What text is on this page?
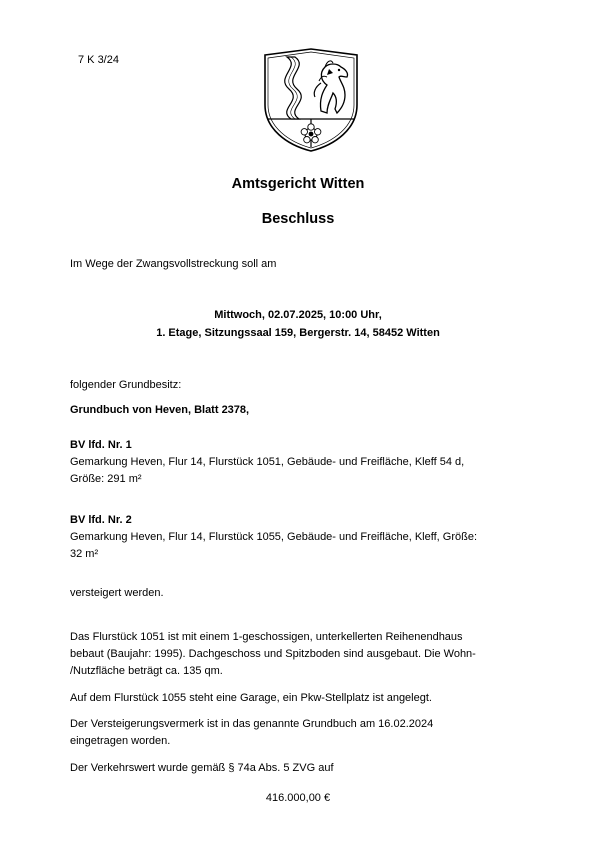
7 K 3/24
Amtsgericht Witten
Beschluss
Im Wege der Zwangsvollstreckung soll am
Mittwoch, 02.07.2025, 10:00 Uhr,
1. Etage, Sitzungssaal 159, Bergerstr. 14, 58452 Witten
folgender Grundbesitz:
Grundbuch von Heven, Blatt 2378,

BV lfd. Nr. 1

Gemarkung Heven, Flur 14, Flurstück 1051, Gebäude- und Freifläche, Kleff 54 d,

Größe: 291 m²

BV lfd. Nr. 2

Gemarkung Heven, Flur 14, Flurstück 1055, Gebäude- und Freifläche, Kleff, Größe:

32 m²

versteigert werden.

Das Flurstück 1051 ist mit einem 1-geschossigen, unterkellerten Reihenendhaus

bebaut (Baujahr: 1995). Dachgeschoss und Spitzboden sind ausgebaut. Die Wohn-

/Nutzfläche beträgt ca. 135 qm.

Auf dem Flurstück 1055 steht eine Garage, ein Pkw-Stellplatz ist angelegt.

Der Versteigerungsvermerk ist in das genannte Grundbuch am 16.02.2024

eingetragen worden.

Der Verkehrswert wurde gemäß § 74a Abs. 5 ZVG auf
416.000,00 €
